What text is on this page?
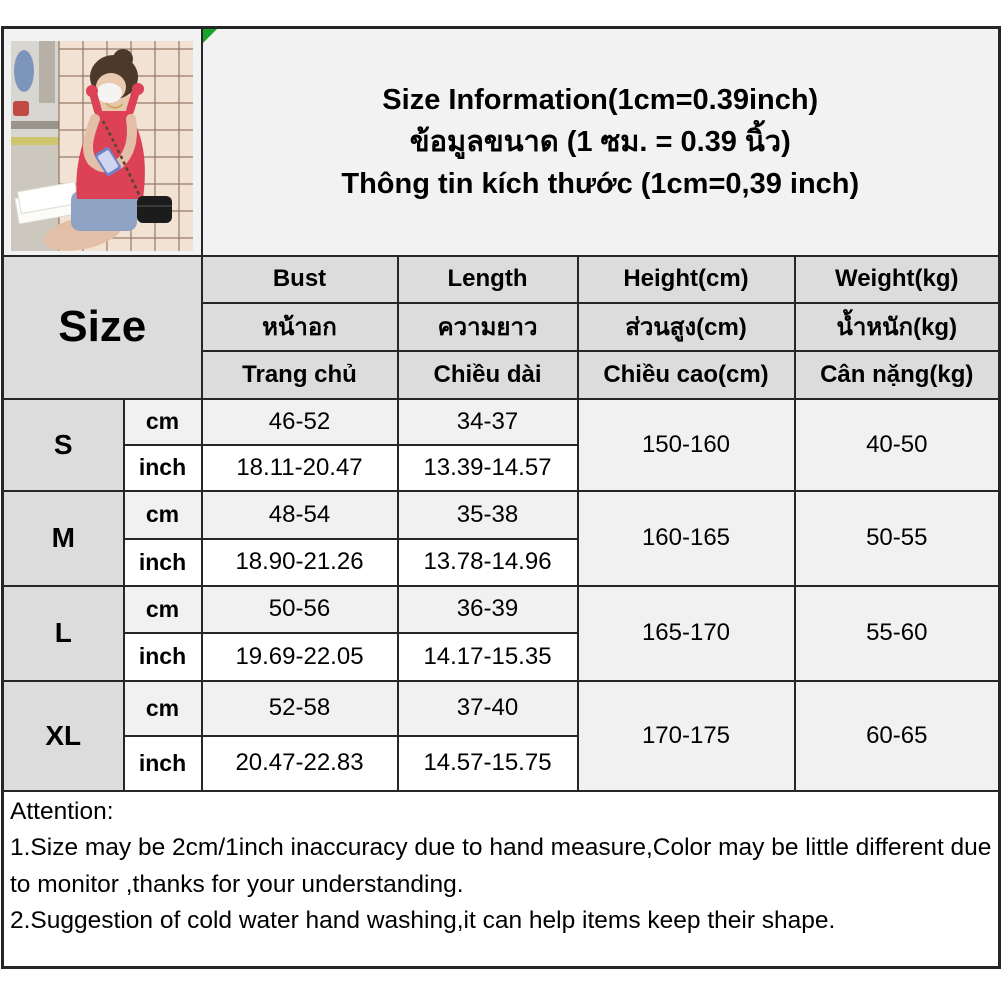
Size Information(1cm=0.39inch)
ข้อมูลขนาด (1 ซม. = 0.39 นิ้ว)
Thông tin kích thước (1cm=0,39 inch)			

Size		Bust	Length	Height(cm)	Weight(kg)
		หน้าอก	ความยาว	ส่วนสูง(cm)	น้ำหนัก(kg)
		Trang chủ	Chiều dài	Chiều cao(cm)	Cân nặng(kg)
S	cm	46-52	34-37	150-160	40-50
	inch	18.11-20.47	13.39-14.57		
M	cm	48-54	35-38	160-165	50-55
	inch	18.90-21.26	13.78-14.96		
L	cm	50-56	36-39	165-170	55-60
	inch	19.69-22.05	14.17-15.35		
XL	cm	52-58	37-40	170-175	60-65
	inch	20.47-22.83	14.57-15.75		

Attention:

1.Size may be 2cm/1inch inaccuracy due to hand measure,Color may be little different due to monitor ,thanks for your understanding.

2.Suggestion of cold water hand washing,it can help items keep their shape.					
